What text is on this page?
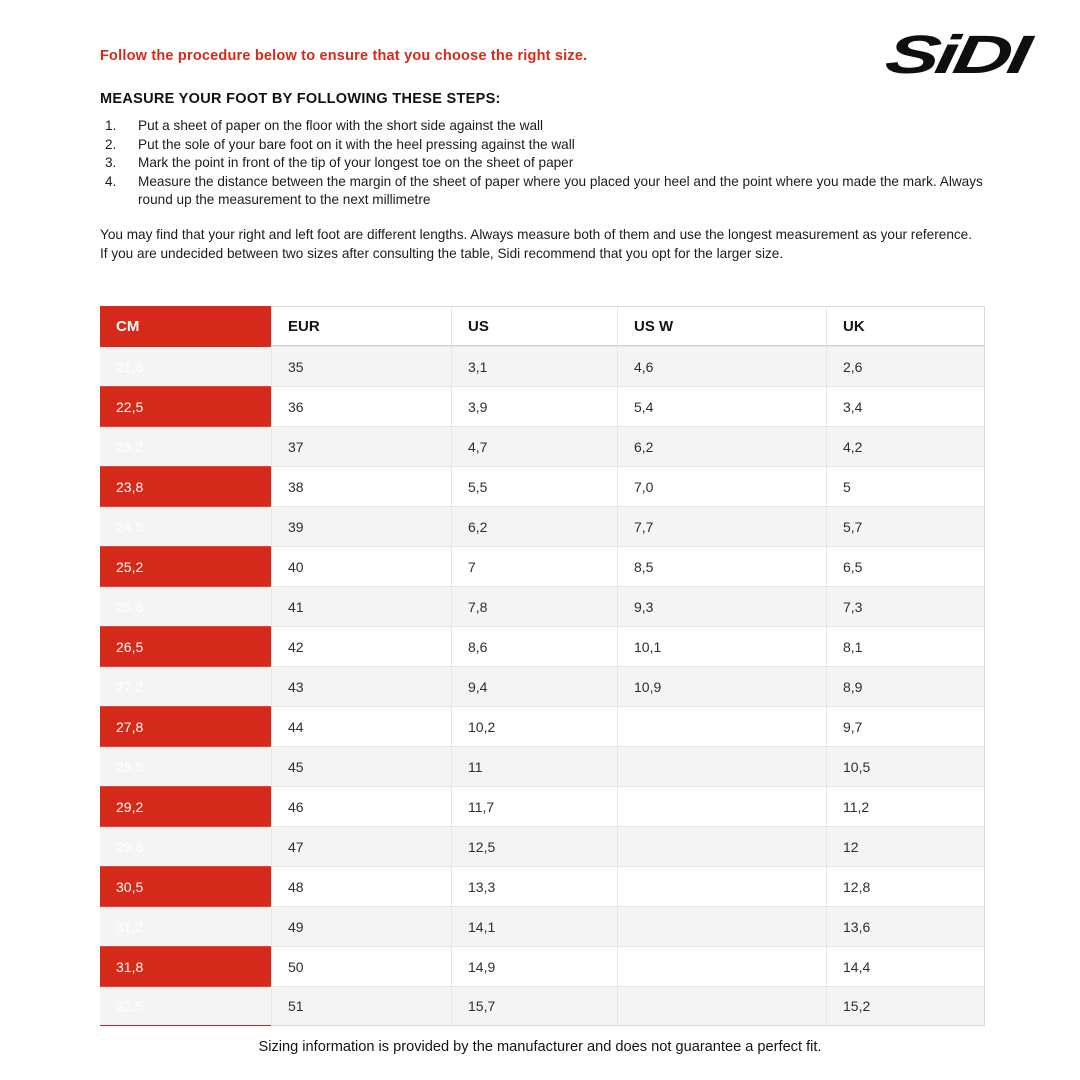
Follow the procedure below to ensure that you choose the right size.	SiDI
MEASURE YOUR FOOT BY FOLLOWING THESE STEPS:
1.	Put a sheet of paper on the floor with the short side against the wall
2.	Put the sole of your bare foot on it with the heel pressing against the wall
3.	Mark the point in front of the tip of your longest toe on the sheet of paper
4.	Measure the distance between the margin of the sheet of paper where you placed your heel and the point where you made the mark. Always round up the measurement to the next millimetre

You may find that your right and left foot are different lengths. Always measure both of them and use the longest measurement as your reference.

If you are undecided between two sizes after consulting the table, Sidi recommend that you opt for the larger size.

CM	EUR	US	US W	UK
21,8	35	3,1	4,6	2,6
22,5	36	3,9	5,4	3,4
23,2	37	4,7	6,2	4,2
23,8	38	5,5	7,0	5
24,5	39	6,2	7,7	5,7
25,2	40	7	8,5	6,5
25,8	41	7,8	9,3	7,3
26,5	42	8,6	10,1	8,1
27,2	43	9,4	10,9	8,9
27,8	44	10,2		9,7
28,5	45	11		10,5
29,2	46	11,7		11,2
29,8	47	12,5		12
30,5	48	13,3		12,8
31,2	49	14,1		13,6
31,8	50	14,9		14,4
32,5	51	15,7		15,2
Sizing information is provided by the manufacturer and does not guarantee a perfect fit.
